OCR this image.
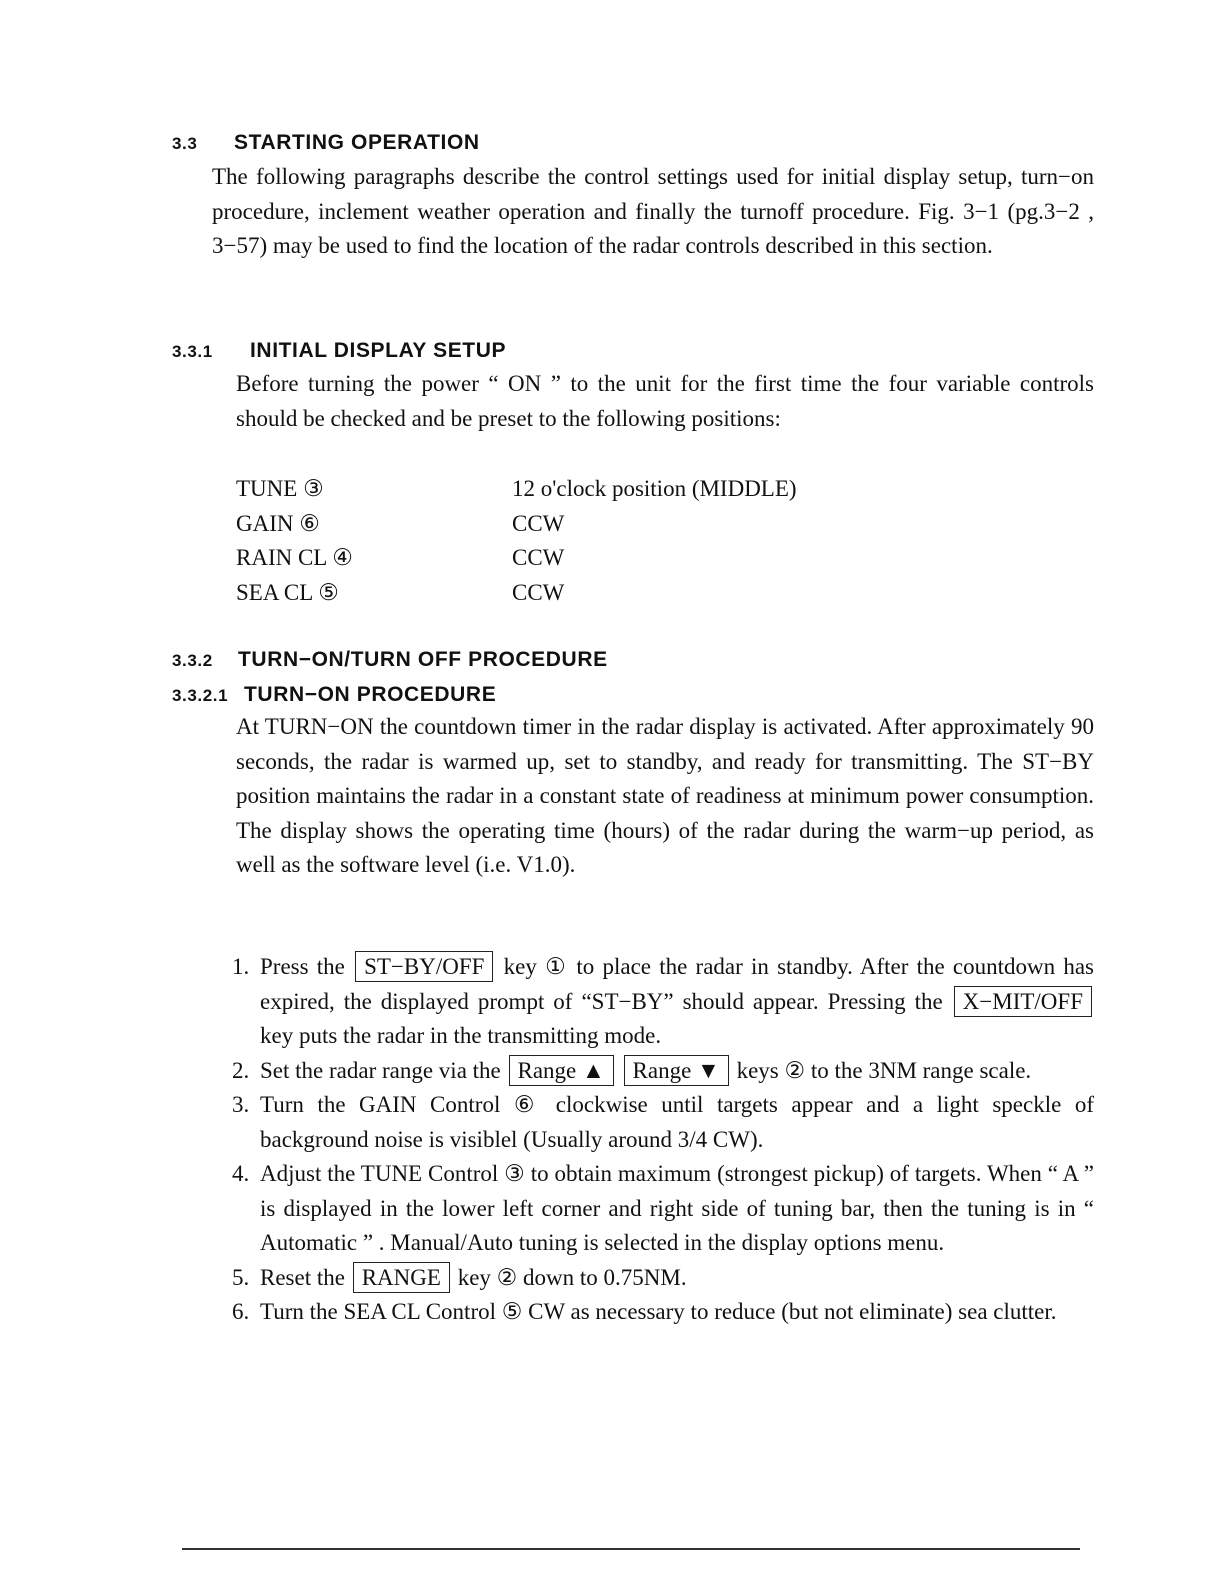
3.3 STARTING OPERATION

The following paragraphs describe the control settings used for initial display setup, turn−on procedure, inclement weather operation and finally the turnoff procedure. Fig. 3−1 (pg.3−2 , 3−57) may be used to find the location of the radar controls described in this section.

3.3.1 INITIAL DISPLAY SETUP

Before turning the power “ ON ” to the unit for the first time the four variable controls should be checked and be preset to the following positions:

TUNE ③	12 o'clock position (MIDDLE)
GAIN ⑥	CCW
RAIN CL ④	CCW
SEA CL ⑤	CCW
3.3.2 TURN−ON/TURN OFF PROCEDURE
3.3.2.1 TURN−ON PROCEDURE

At TURN−ON the countdown timer in the radar display is activated. After approximately 90 seconds, the radar is warmed up, set to standby, and ready for transmitting. The ST−BY position maintains the radar in a constant state of readiness at minimum power consumption. The display shows the operating time (hours) of the radar during the warm−up period, as well as the software level (i.e. V1.0).

1. Press the ST−BY/OFF key ① to place the radar in standby. After the countdown has expired, the displayed prompt of “ST−BY” should appear. Pressing the X−MIT/OFF key puts the radar in the transmitting mode.
2. Set the radar range via the Range ▲ Range ▼ keys ② to the 3NM range scale.
3. Turn the GAIN Control ⑥ clockwise until targets appear and a light speckle of background noise is visiblel (Usually around 3/4 CW).
4. Adjust the TUNE Control ③ to obtain maximum (strongest pickup) of targets. When “ A ” is displayed in the lower left corner and right side of tuning bar, then the tuning is in “ Automatic ” . Manual/Auto tuning is selected in the display options menu.
5. Reset the RANGE key ② down to 0.75NM.
6. Turn the SEA CL Control ⑤ CW as necessary to reduce (but not eliminate) sea clutter.
